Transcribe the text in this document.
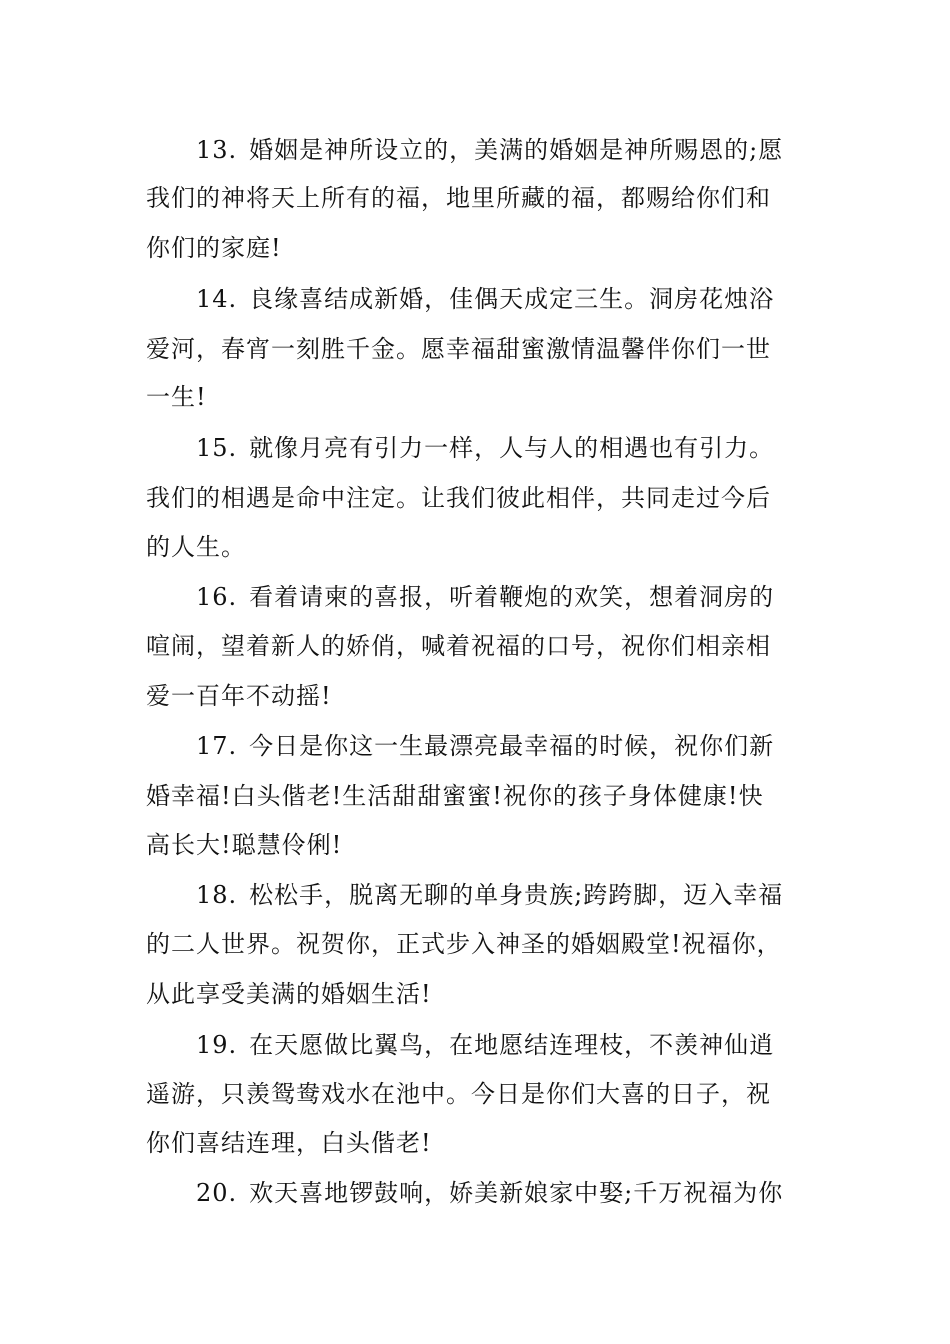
13. 婚姻是神所设立的，美满的婚姻是神所赐恩的;愿
我们的神将天上所有的福，地里所藏的福，都赐给你们和
你们的家庭!
14. 良缘喜结成新婚，佳偶天成定三生。洞房花烛浴
爱河，春宵一刻胜千金。愿幸福甜蜜激情温馨伴你们一世
一生!
15. 就像月亮有引力一样，人与人的相遇也有引力。
我们的相遇是命中注定。让我们彼此相伴，共同走过今后
的人生。
16. 看着请柬的喜报，听着鞭炮的欢笑，想着洞房的
喧闹，望着新人的娇俏，喊着祝福的口号，祝你们相亲相
爱一百年不动摇!
17. 今日是你这一生最漂亮最幸福的时候，祝你们新
婚幸福!白头偕老!生活甜甜蜜蜜!祝你的孩子身体健康!快
高长大!聪慧伶俐!
18. 松松手，脱离无聊的单身贵族;跨跨脚，迈入幸福
的二人世界。祝贺你，正式步入神圣的婚姻殿堂!祝福你，
从此享受美满的婚姻生活!
19. 在天愿做比翼鸟，在地愿结连理枝，不羡神仙逍
遥游，只羡鸳鸯戏水在池中。今日是你们大喜的日子，祝
你们喜结连理，白头偕老!
20. 欢天喜地锣鼓响，娇美新娘家中娶;千万祝福为你
